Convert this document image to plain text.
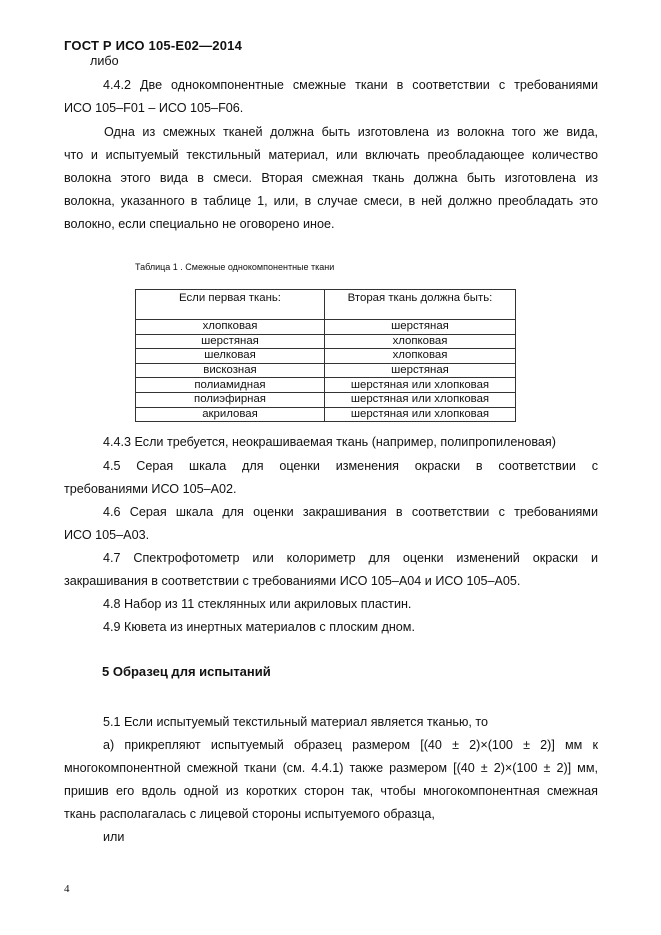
ГОСТ Р ИСО 105-Е02—2014
либо
4.4.2 Две однокомпонентные смежные ткани в соответствии с требованиями
ИСО 105–F01 – ИСО 105–F06.
Одна из смежных тканей должна быть изготовлена из волокна того же вида,
что и испытуемый текстильный материал, или включать преобладающее количество
волокна этого вида в смеси. Вторая смежная ткань должна быть изготовлена из
волокна, указанного в таблице 1, или, в случае смеси, в ней должно преобладать это
волокно, если специально не оговорено иное.
Таблица 1 . Смежные однокомпонентные ткани
Если первая ткань:	Вторая ткань должна быть:
хлопковая	шерстяная
шерстяная	хлопковая
шелковая	хлопковая
вискозная	шерстяная
полиамидная	шерстяная или хлопковая
полиэфирная	шерстяная или хлопковая
акриловая	шерстяная или хлопковая
4.4.3 Если требуется, неокрашиваемая ткань (например, полипропиленовая)
4.5 Серая шкала для оценки изменения окраски в соответствии с
требованиями ИСО 105–А02.
4.6 Серая шкала для оценки закрашивания в соответствии с требованиями
ИСО 105–А03.
4.7 Спектрофотометр или колориметр для оценки изменений окраски и
закрашивания в соответствии с требованиями ИСО 105–А04 и ИСО 105–А05.
4.8 Набор из 11 стеклянных или акриловых пластин.
4.9 Кювета из инертных материалов с плоским дном.
5 Образец для испытаний
5.1 Если испытуемый текстильный материал является тканью, то
а) прикрепляют испытуемый образец размером [(40 ± 2)×(100 ± 2)] мм к
многокомпонентной смежной ткани (см. 4.4.1) также размером [(40 ± 2)×(100 ± 2)] мм,
пришив его вдоль одной из коротких сторон так, чтобы многокомпонентная смежная
ткань располагалась с лицевой стороны испытуемого образца,
или
4
